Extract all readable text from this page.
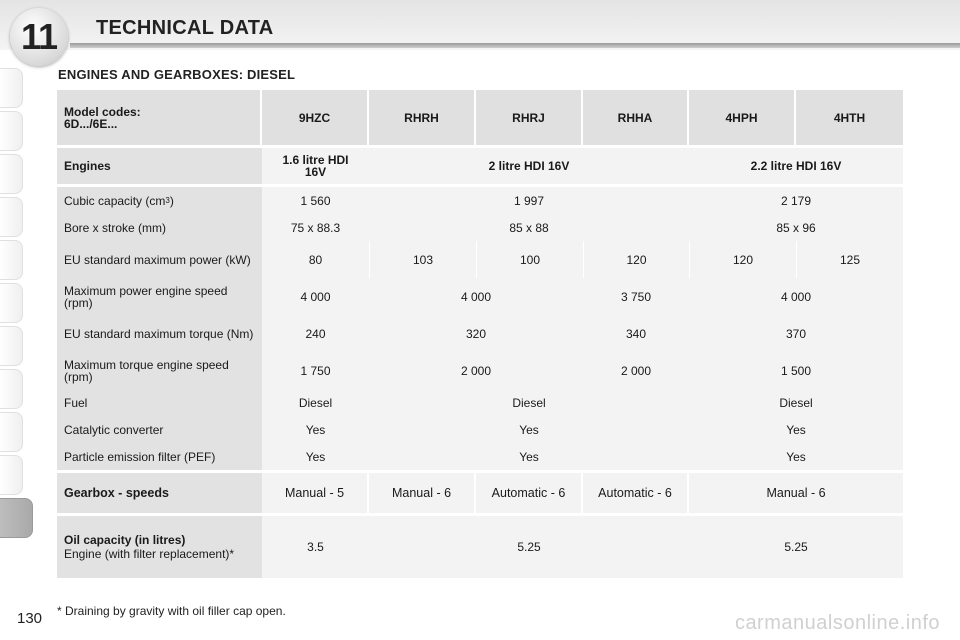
11 TECHNICAL DATA
ENGINES AND GEARBOXES: DIESEL
Model codes:
6D.../6E...	9HZC	RHRH	RHRJ	RHHA	4HPH	4HTH
Engines	1.6 litre HDI 16V	2 litre HDI 16V	2.2 litre HDI 16V
Cubic capacity (cm 3 )	1 560	1 997	2 179
Bore x stroke (mm)	75 x 88.3	85 x 88	85 x 96
EU standard maximum power (kW)	80	103	100	120	120	125
Maximum power engine speed (rpm)	4 000	4 000	3 750	4 000
EU standard maximum torque (Nm)	240	320	340	370
Maximum torque engine speed (rpm)	1 750	2 000	2 000	1 500
Fuel	Diesel	Diesel	Diesel
Catalytic converter	Yes	Yes	Yes
Particle emission filter (PEF)	Yes	Yes	Yes
Gearbox - speeds	Manual - 5	Manual - 6	Automatic - 6	Automatic - 6	Manual - 6
Oil capacity (in litres)
Engine (with filter replacement)*	3.5	5.25	5.25
* Draining by gravity with oil filler cap open.
130	carmanualsonline.info
